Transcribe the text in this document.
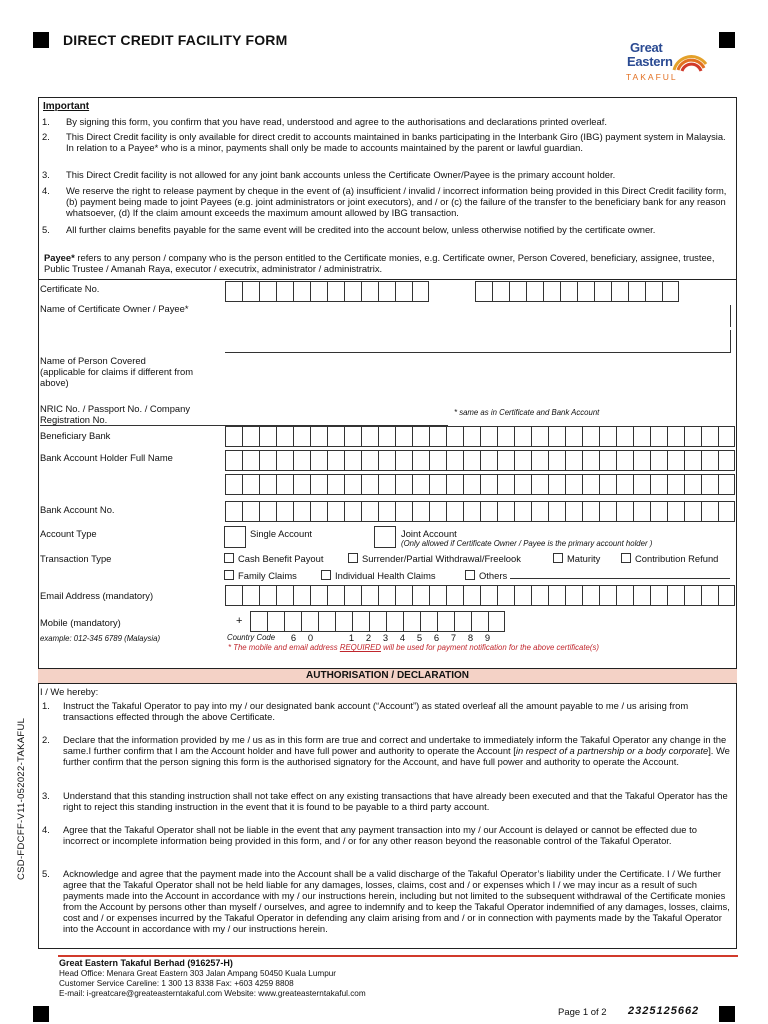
DIRECT CREDIT FACILITY FORM	Great
Eastern
TAKAFUL
Important
1. By signing this form, you confirm that you have read, understood and agree to the authorisations and declarations printed overleaf.
2. This Direct Credit facility is only available for direct credit to accounts maintained in banks participating in the Interbank Giro (IBG) payment system in Malaysia. In relation to a Payee* who is a minor, payments shall only be made to accounts maintained by the parent or lawful guardian.
3. This Direct Credit facility is not allowed for any joint bank accounts unless the Certificate Owner/Payee is the primary account holder.
4. We reserve the right to release payment by cheque in the event of (a) insufficient / invalid / incorrect information being provided in this Direct Credit facility form, (b) payment being made to joint Payees (e.g. joint administrators or joint executors), and / or (c) the failure of the transfer to the beneficiary bank for any reason whatsoever, (d) If the claim amount exceeds the maximum amount allowed by IBG transaction.
5. All further claims benefits payable for the same event will be credited into the account below, unless otherwise notified by the certificate owner.
Payee* refers to any person / company who is the person entitled to the Certificate monies, e.g. Certificate owner, Person Covered, beneficiary, assignee, trustee, Public Trustee / Amanah Raya, executor / executrix, administrator / administratrix.
Certificate No.
Name of Certificate Owner / Payee*
Name of Person Covered
(applicable for claims if different from
above)
NRIC No. / Passport No. / Company
Registration No.
* same as in Certificate and Bank Account
Beneficiary Bank
Bank Account Holder Full Name
Bank Account No.
Account Type	Single Account	Joint Account
(Only allowed if Certificate Owner / Payee is the primary account holder )
Transaction Type	Cash Benefit Payout	Surrender/Partial Withdrawal/Freelook	Maturity	Contribution Refund
Family Claims	Individual Health Claims	Others
Email Address (mandatory)
Mobile (mandatory)
example: 012-345 6789 (Malaysia)
+
Country Code	6 0	1 2 3 4 5 6 7 8 9
* The mobile and email address REQUIRED will be used for payment notification for the above certificate(s)
AUTHORISATION / DECLARATION
I / We hereby:
1. Instruct the Takaful Operator to pay into my / our designated bank account (“Account”) as stated overleaf all the amount payable to me / us arising from transactions effected through the above Certificate.
2. Declare that the information provided by me / us as in this form are true and correct and undertake to immediately inform the Takaful Operator any change in the same.I further confirm that I am the Account holder and have full power and authority to operate the Account [in respect of a partnership or a body corporate]. We further confirm that the person signing this form is the authorised signatory for the Account, and have full power and authority to operate the Account.
3. Understand that this standing instruction shall not take effect on any existing transactions that have already been executed and that the Takaful Operator has the right to reject this standing instruction in the event that it is found to be payable to a third party account.
4. Agree that the Takaful Operator shall not be liable in the event that any payment transaction into my / our Account is delayed or cannot be effected due to incorrect or incomplete information being provided in this form, and / or for any other reason beyond the reasonable control of the Takaful Operator.
5. Acknowledge and agree that the payment made into the Account shall be a valid discharge of the Takaful Operator’s liability under the Certificate. I / We further agree that the Takaful Operator shall not be held liable for any damages, losses, claims, cost and / or expenses which I / we may incur as a result of such payments made into the Account in accordance with my / our instructions herein, including but not limited to the subsequent withdrawal of the Certificate monies from the Account by persons other than myself / ourselves, and agree to indemnify and to keep the Takaful Operator indemnified of any damages, losses, claims, cost and / or expenses incurred by the Takaful Operator in defending any claim arising from and / or in connection with payments made by the Takaful Operator into the Account in accordance with my / our instructions herein.
CSD-FDCFF-V11-052022-TAKAFUL
Great Eastern Takaful Berhad (916257-H)
Head Office: Menara Great Eastern 303 Jalan Ampang 50450 Kuala Lumpur
Customer Service Careline: 1 300 13 8338 Fax: +603 4259 8808
E-mail: i-greatcare@greateasterntakaful.com Website: www.greateasterntakaful.com
Page 1 of 2 2325125662
